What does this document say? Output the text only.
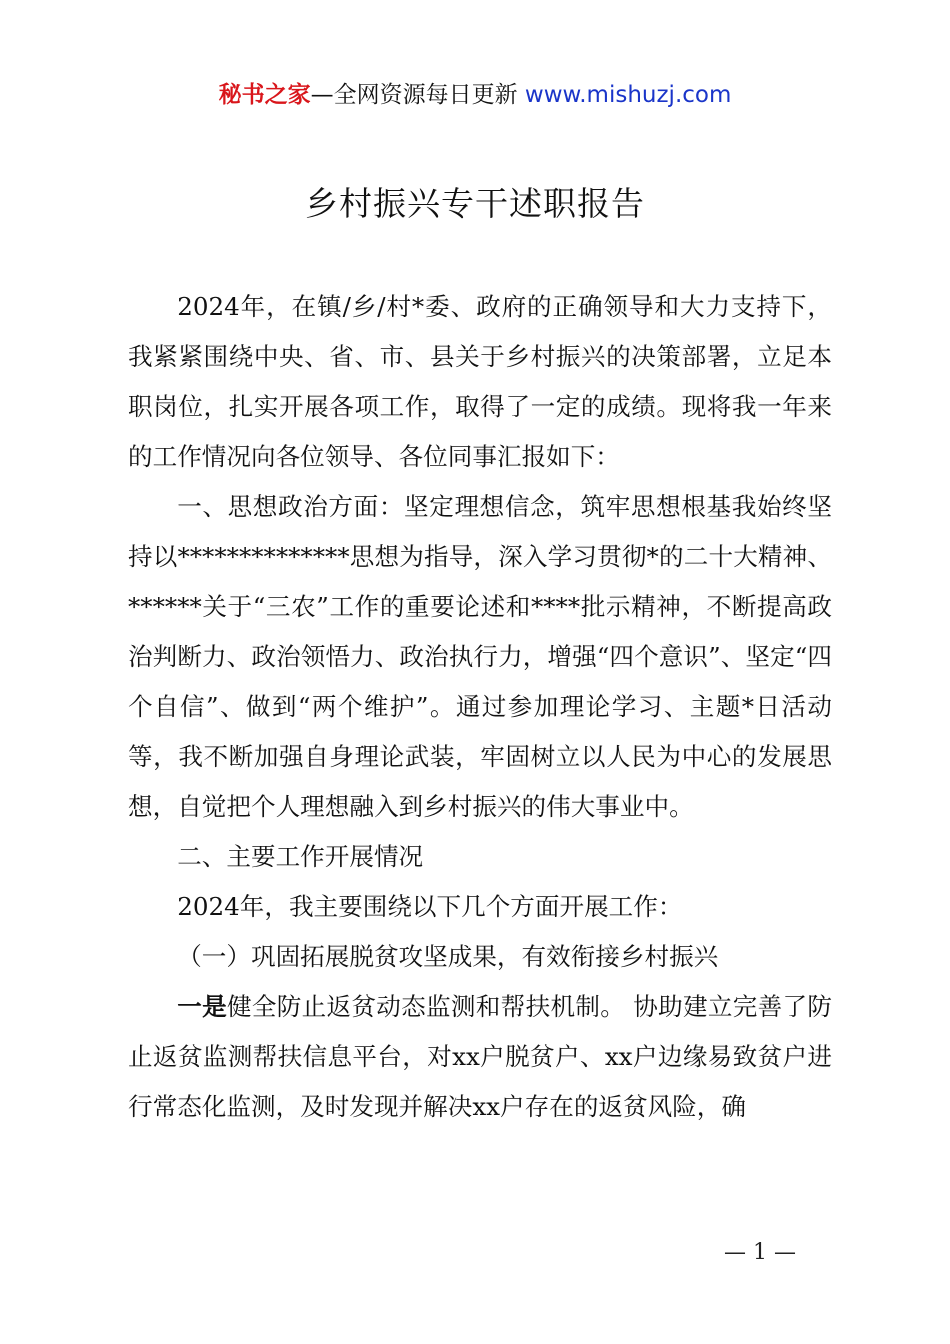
秘书之家—全网资源每日更新 www.mishuzj.com
乡村振兴专干述职报告

2024年，在镇/乡/村*委、政府的正确领导和大力支持下，我紧紧围绕中央、省、市、县关于乡村振兴的决策部署，立足本职岗位，扎实开展各项工作，取得了一定的成绩。现将我一年来的工作情况向各位领导、各位同事汇报如下：

一、思想政治方面：坚定理想信念，筑牢思想根基我始终坚持以**************思想为指导，深入学习贯彻*的二十大精神、******关于“三农”工作的重要论述和****批示精神，不断提高政治判断力、政治领悟力、政治执行力，增强“四个意识”、坚定“四个自信”、做到“两个维护”。通过参加理论学习、主题*日活动等，我不断加强自身理论武装，牢固树立以人民为中心的发展思想，自觉把个人理想融入到乡村振兴的伟大事业中。

二、主要工作开展情况

2024年，我主要围绕以下几个方面开展工作：

（一）巩固拓展脱贫攻坚成果，有效衔接乡村振兴

一是健全防止返贫动态监测和帮扶机制。 协助建立完善了防止返贫监测帮扶信息平台，对xx户脱贫户、xx户边缘易致贫户进行常态化监测，及时发现并解决xx户存在的返贫风险，确

— 1 —
